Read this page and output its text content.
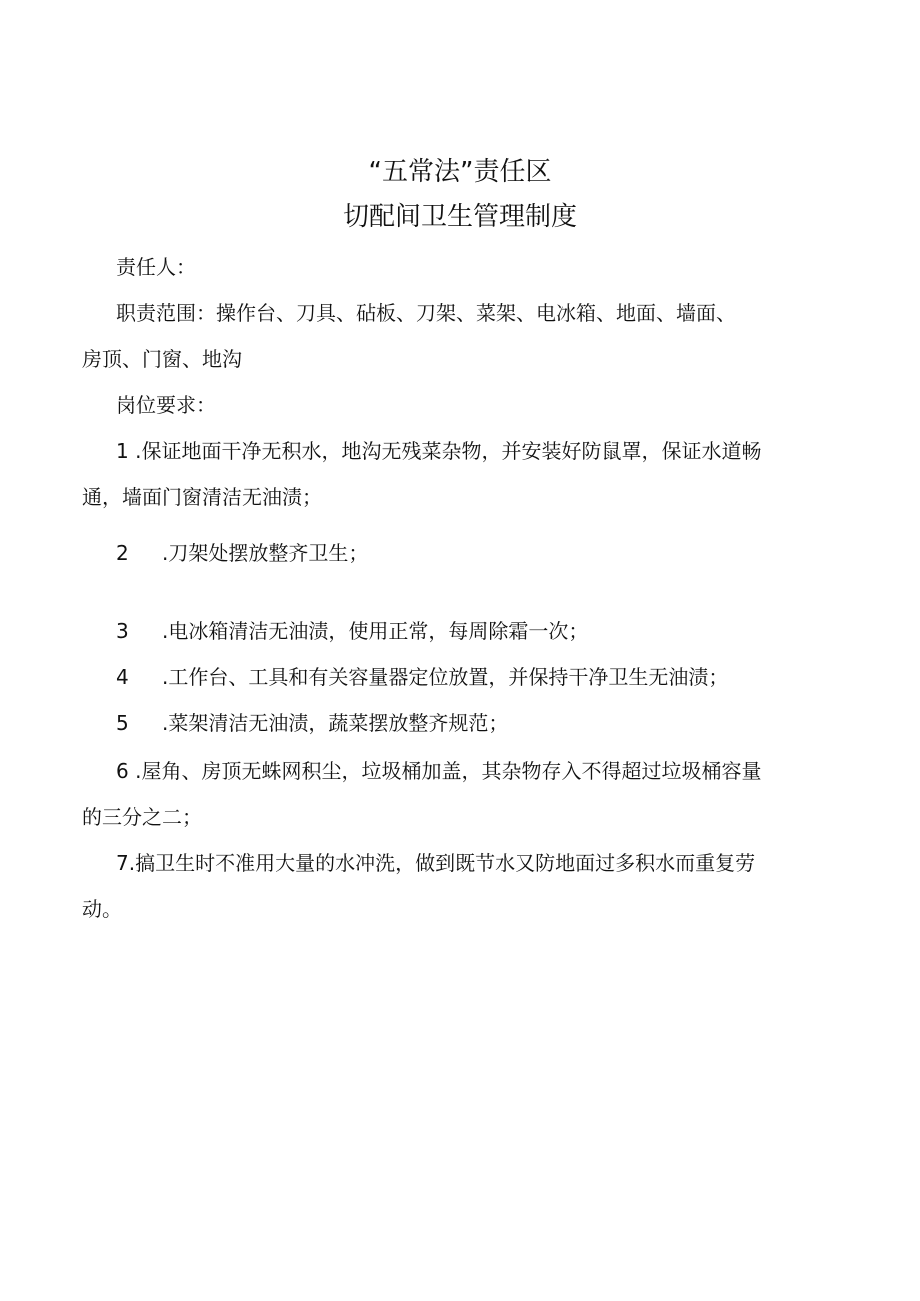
“五常法”责任区
切配间卫生管理制度

责任人：

职责范围：操作台、刀具、砧板、刀架、菜架、电冰箱、地面、墙面、
房顶、门窗、地沟

岗位要求：

1 .保证地面干净无积水，地沟无残菜杂物，并安装好防鼠罩，保证水道畅
通，墙面门窗清洁无油渍；

2 .刀架处摆放整齐卫生；
3 .电冰箱清洁无油渍，使用正常，每周除霜一次；
4 .工作台、工具和有关容量器定位放置，并保持干净卫生无油渍；
5 .菜架清洁无油渍，蔬菜摆放整齐规范；

6 .屋角、房顶无蛛网积尘，垃圾桶加盖，其杂物存入不得超过垃圾桶容量
的三分之二；

7.搞卫生时不准用大量的水冲洗，做到既节水又防地面过多积水而重复劳
动。
